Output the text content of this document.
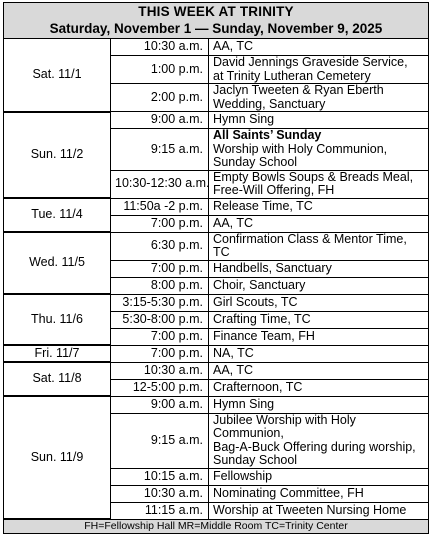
THIS WEEK AT TRINITY
Saturday, November 1 — Sunday, November 9, 2025
Sat. 11/1	10:30 a.m.	AA, TC

	1:00 p.m.	David Jennings Graveside Service,
at Trinity Lutheran Cemetery

	2:00 p.m.	Jaclyn Tweeten & Ryan Eberth
Wedding, Sanctuary

Sun. 11/2	9:00 a.m.	Hymn Sing

	9:15 a.m.	All Saints’ Sunday
Worship with Holy Communion,
Sunday School

	10:30-12:30 a.m.	Empty Bowls Soups & Breads Meal,
Free-Will Offering, FH

Tue. 11/4	11:50a -2 p.m.	Release Time, TC

	7:00 p.m.	AA, TC

Wed. 11/5	6:30 p.m.	Confirmation Class & Mentor Time, TC

	7:00 p.m.	Handbells, Sanctuary

	8:00 p.m.	Choir, Sanctuary

Thu. 11/6	3:15-5:30 p.m.	Girl Scouts, TC

	5:30-8:00 p.m.	Crafting Time, TC

	7:00 p.m.	Finance Team, FH

Fri. 11/7	7:00 p.m.	NA, TC

Sat. 11/8	10:30 a.m.	AA, TC

	12-5:00 p.m.	Crafternoon, TC

Sun. 11/9	9:00 a.m.	Hymn Sing

	9:15 a.m.	Jubilee Worship with Holy Communion,
Bag-A-Buck Offering during worship,
Sunday School

	10:15 a.m.	Fellowship

	10:30 a.m.	Nominating Committee, FH

	11:15 a.m.	Worship at Tweeten Nursing Home
FH=Fellowship Hall MR=Middle Room TC=Trinity Center
